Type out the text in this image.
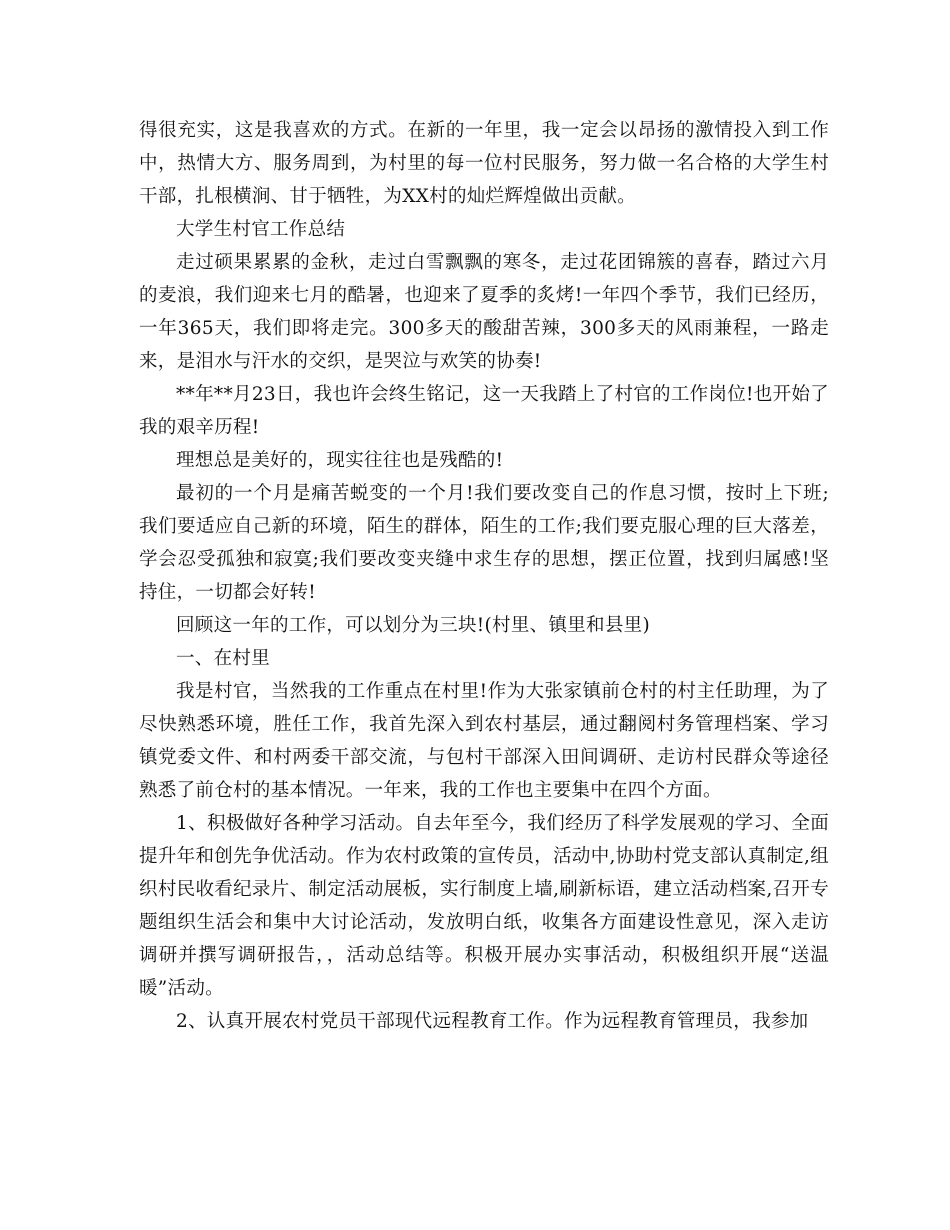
得很充实，这是我喜欢的方式。在新的一年里，我一定会以昂扬的激情投入到工作中，热情大方、服务周到，为村里的每一位村民服务，努力做一名合格的大学生村干部，扎根横涧、甘于牺牲，为XX村的灿烂辉煌做出贡献。

大学生村官工作总结

走过硕果累累的金秋，走过白雪飘飘的寒冬，走过花团锦簇的喜春，踏过六月的麦浪，我们迎来七月的酷暑，也迎来了夏季的炙烤!一年四个季节，我们已经历，一年365天，我们即将走完。300多天的酸甜苦辣，300多天的风雨兼程，一路走来，是泪水与汗水的交织，是哭泣与欢笑的协奏!

**年**月23日，我也许会终生铭记，这一天我踏上了村官的工作岗位!也开始了我的艰辛历程!

理想总是美好的，现实往往也是残酷的!

最初的一个月是痛苦蜕变的一个月!我们要改变自己的作息习惯，按时上下班;我们要适应自己新的环境，陌生的群体，陌生的工作;我们要克服心理的巨大落差，学会忍受孤独和寂寞;我们要改变夹缝中求生存的思想，摆正位置，找到归属感!坚持住，一切都会好转!

回顾这一年的工作，可以划分为三块!(村里、镇里和县里)

一、在村里

我是村官，当然我的工作重点在村里!作为大张家镇前仓村的村主任助理，为了尽快熟悉环境，胜任工作，我首先深入到农村基层，通过翻阅村务管理档案、学习镇党委文件、和村两委干部交流，与包村干部深入田间调研、走访村民群众等途径熟悉了前仓村的基本情况。一年来，我的工作也主要集中在四个方面。

1、积极做好各种学习活动。自去年至今，我们经历了科学发展观的学习、全面提升年和创先争优活动。作为农村政策的宣传员，活动中,协助村党支部认真制定,组织村民收看纪录片、制定活动展板，实行制度上墙,刷新标语，建立活动档案,召开专题组织生活会和集中大讨论活动，发放明白纸，收集各方面建设性意见，深入走访调研并撰写调研报告，，活动总结等。积极开展办实事活动，积极组织开展“送温暖”活动。

2、认真开展农村党员干部现代远程教育工作。作为远程教育管理员，我参加
